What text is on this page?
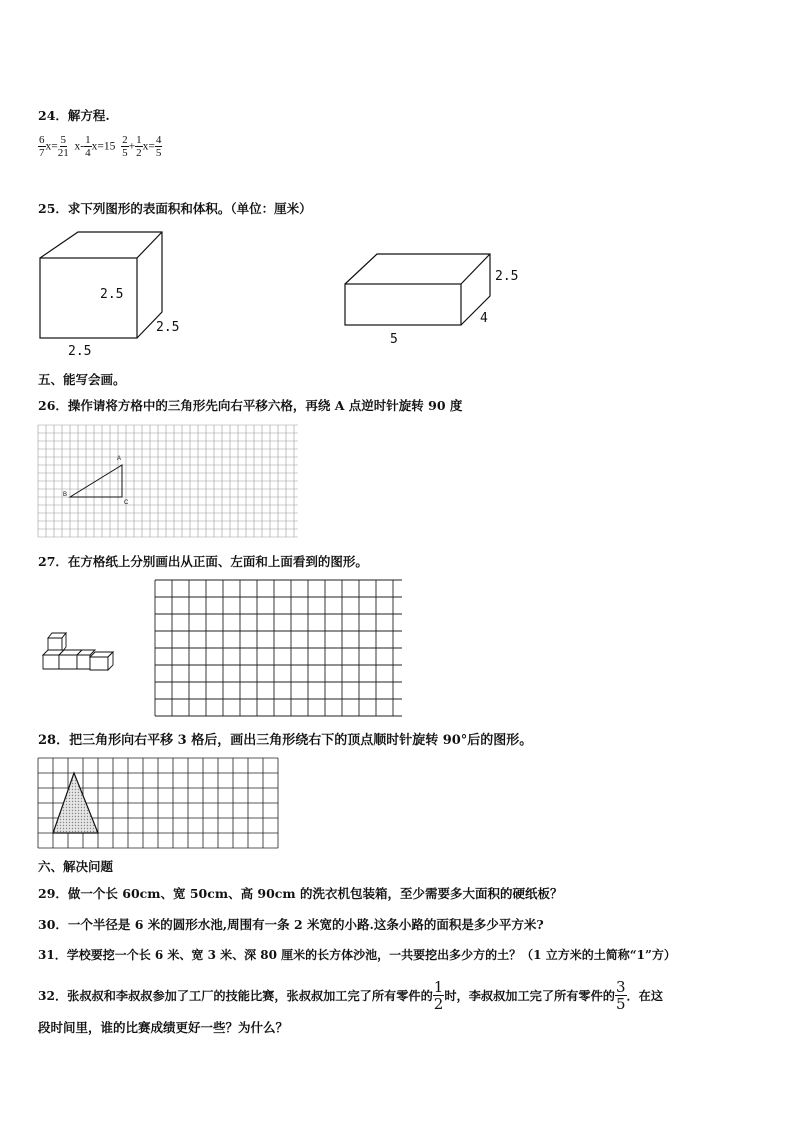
24．解方程.
$\frac{6}{7} x= \frac{5}{21} x- \frac{1}{4} x=15 \frac{2}{5} + \frac{1}{2} x= \frac{4}{5}$
25．求下列图形的表面积和体积。（单位：厘米）
2.5
2.5
2.5
2.5
4
5
五、能写会画。
26．操作请将方格中的三角形先向右平移六格，再绕 A 点逆时针旋转 90 度
A
B
C
27．在方格纸上分别画出从正面、左面和上面看到的图形。
28．把三角形向右平移 3 格后，画出三角形绕右下的顶点顺时针旋转 90°后的图形。
六、解决问题
29．做一个长 60cm、宽 50cm、高 90cm 的洗衣机包装箱，至少需要多大面积的硬纸板？
30．一个半径是 6 米的圆形水池,周围有一条 2 米宽的小路.这条小路的面积是多少平方米?
31．学校要挖一个长 6 米、宽 3 米、深 80 厘米的长方体沙池，一共要挖出多少方的土？（1 立方米的土简称“1”方）
32．张叔叔和李叔叔参加了工厂的技能比赛，张叔叔加工完了所有零件的 $\frac{1}{2}$ 时，李叔叔加工完了所有零件的 $\frac{3}{5}$ ．在这
段时间里，谁的比赛成绩更好一些？为什么？
